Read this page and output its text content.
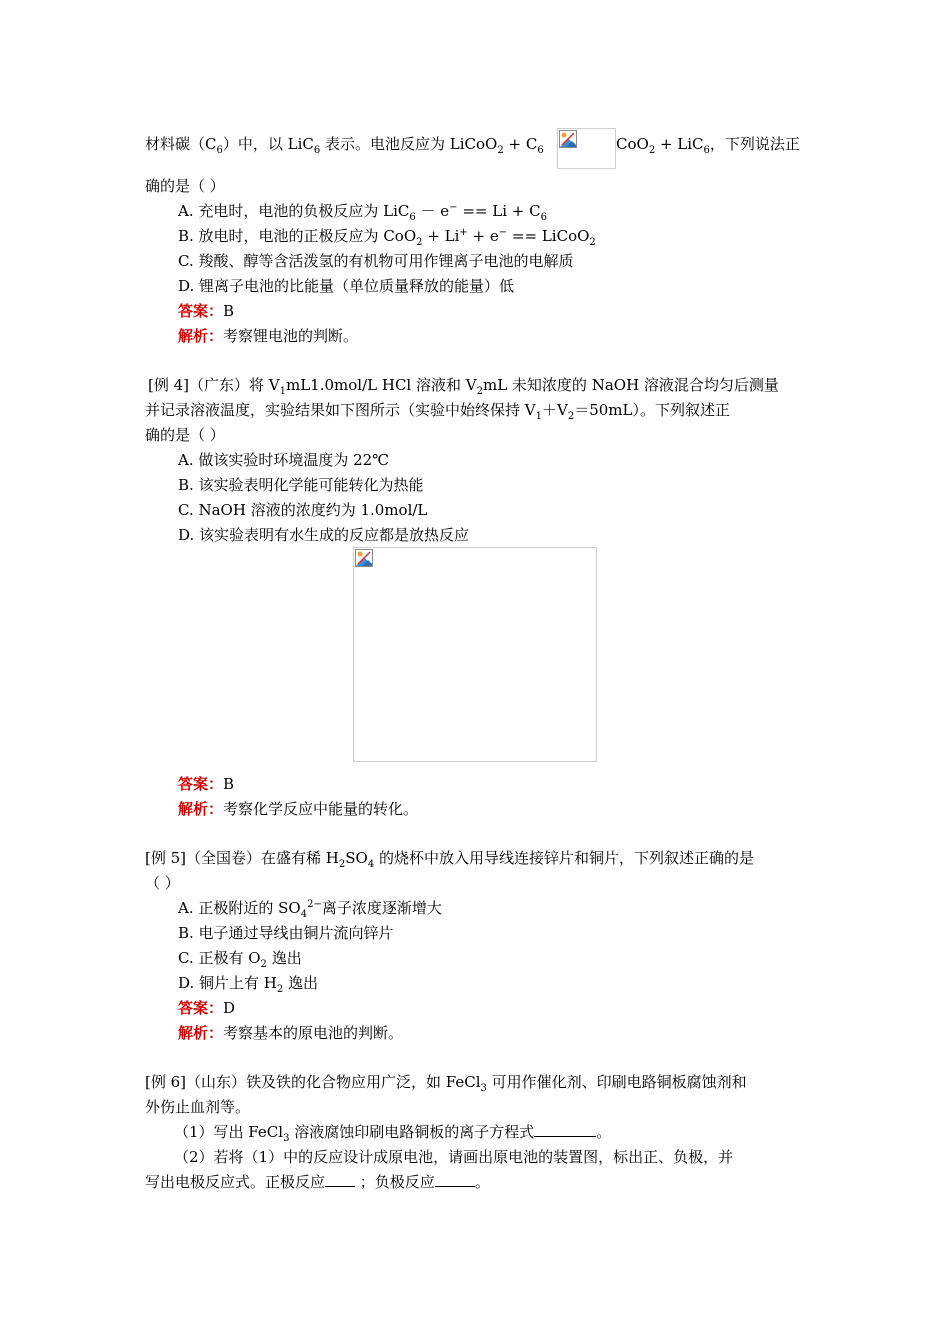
材料碳$(C_6)$中，以 LiC$_6$ 表示。电池反应为 LiCoO$_2$ + $C_6$	CoO$_2$ + LiC$_6$，下列说法正
确的是（ ）
A. 充电时，电池的负极反应为 $LiC_6 - e^- == Li + C_6$
B. 放电时，电池的正极反应为 CoO$_2$ + Li+ + e− == LiCoO$_2$
C. 羧酸、醇等含活泼氢的有机物可用作锂离子电池的电解质
D. 锂离子电池的比能量（单位质量释放的能量）低
答案：B
解析：考察锂电池的判断。
[例 4]（广东）将 $V_1mL1.0mol/L$ HCl 溶液和 $V_2mL$ 未知浓度的 NaOH 溶液混合均匀后测量
并记录溶液温度，实验结果如下图所示（实验中始终保持 $V_1+V_2=50mL$）。下列叙述正
确的是（ ）
A. 做该实验时环境温度为 22℃
B. 该实验表明化学能可能转化为热能
C. NaOH 溶液的浓度约为 1.0mol/L
D. 该实验表明有水生成的反应都是放热反应
答案：B
解析：考察化学反应中能量的转化。
[例 5]（全国卷）在盛有稀 $H_2SO_4$ 的烧杯中放入用导线连接锌片和铜片，下列叙述正确的是
（ ）
A. 正极附近的 $SO_4^{2-}$离子浓度逐渐增大
B. 电子通过导线由铜片流向锌片
C. 正极有 $O_2$ 逸出
D. 铜片上有 $H_2$ 逸出
答案：D
解析：考察基本的原电池的判断。
[例 6]（山东）铁及铁的化合物应用广泛，如 FeCl$_3$ 可用作催化剂、印刷电路铜板腐蚀剂和
外伤止血剂等。
（1）写出 FeCl$_3$ 溶液腐蚀印刷电路铜板的离子方程式	。
（2）若将（1）中的反应设计成原电池，请画出原电池的装置图，标出正、负极，并
写出电极反应式。正极反应 ；负极反应	。
